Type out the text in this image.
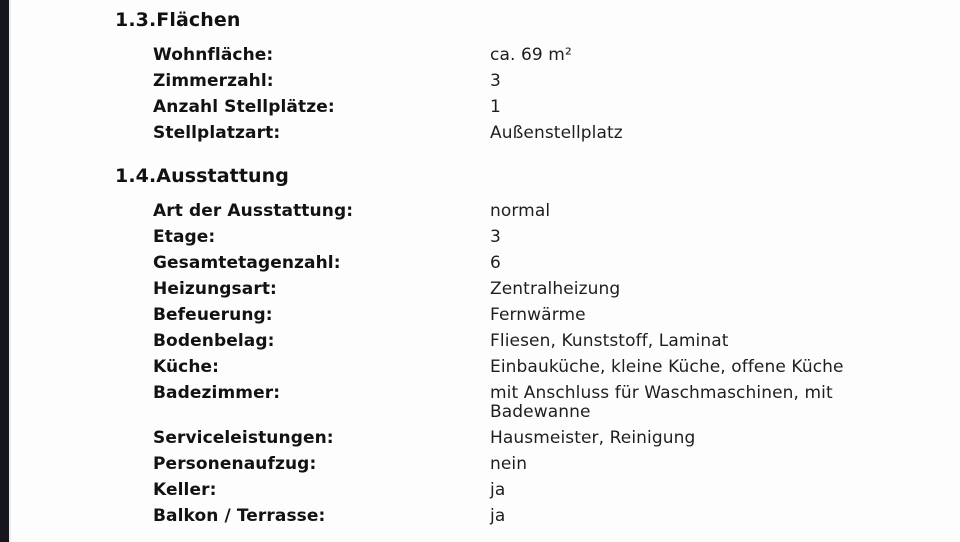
1.3. Flächen
Wohnfläche:	ca. 69 m²
Zimmerzahl:	3
Anzahl Stellplätze:	1
Stellplatzart:	Außenstellplatz
1.4. Ausstattung
Art der Ausstattung:	normal
Etage:	3
Gesamtetagenzahl:	6
Heizungsart:	Zentralheizung
Befeuerung:	Fernwärme
Bodenbelag:	Fliesen, Kunststoff, Laminat
Küche:	Einbauküche, kleine Küche, offene Küche
Badezimmer:	mit Anschluss für Waschmaschinen, mit Badewanne
Serviceleistungen:	Hausmeister, Reinigung
Personenaufzug:	nein
Keller:	ja
Balkon / Terrasse:	ja
